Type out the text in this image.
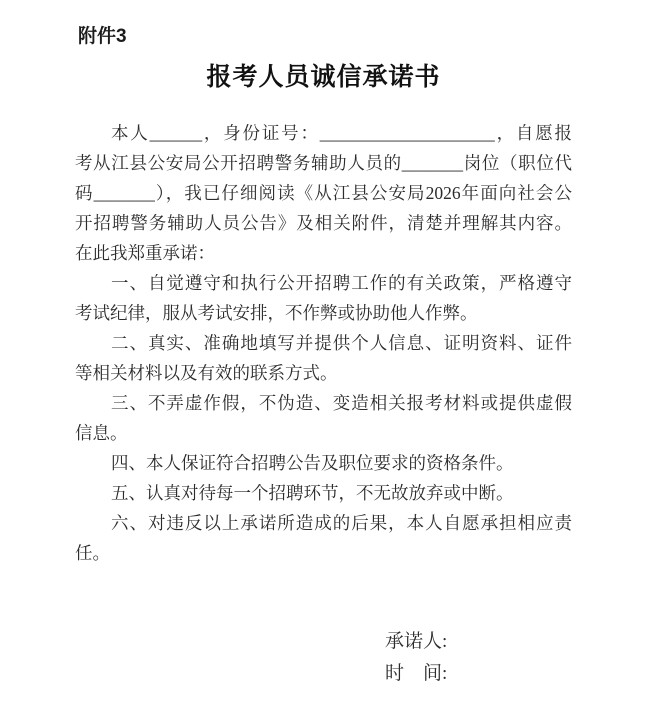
附件3
报考人员诚信承诺书

本人______，身份证号：____________________，自愿报

考从江县公安局公开招聘警务辅助人员的_______岗位（职位代

码_______），我已仔细阅读《从江县公安局2026年面向社会公

开招聘警务辅助人员公告》及相关附件，清楚并理解其内容。

在此我郑重承诺：

一、自觉遵守和执行公开招聘工作的有关政策，严格遵守

考试纪律，服从考试安排，不作弊或协助他人作弊。

二、真实、准确地填写并提供个人信息、证明资料、证件

等相关材料以及有效的联系方式。

三、不弄虚作假，不伪造、变造相关报考材料或提供虚假

信息。

四、本人保证符合招聘公告及职位要求的资格条件。

五、认真对待每一个招聘环节，不无故放弃或中断。

六、对违反以上承诺所造成的后果，本人自愿承担相应责

任。

承诺人:
时　间:
